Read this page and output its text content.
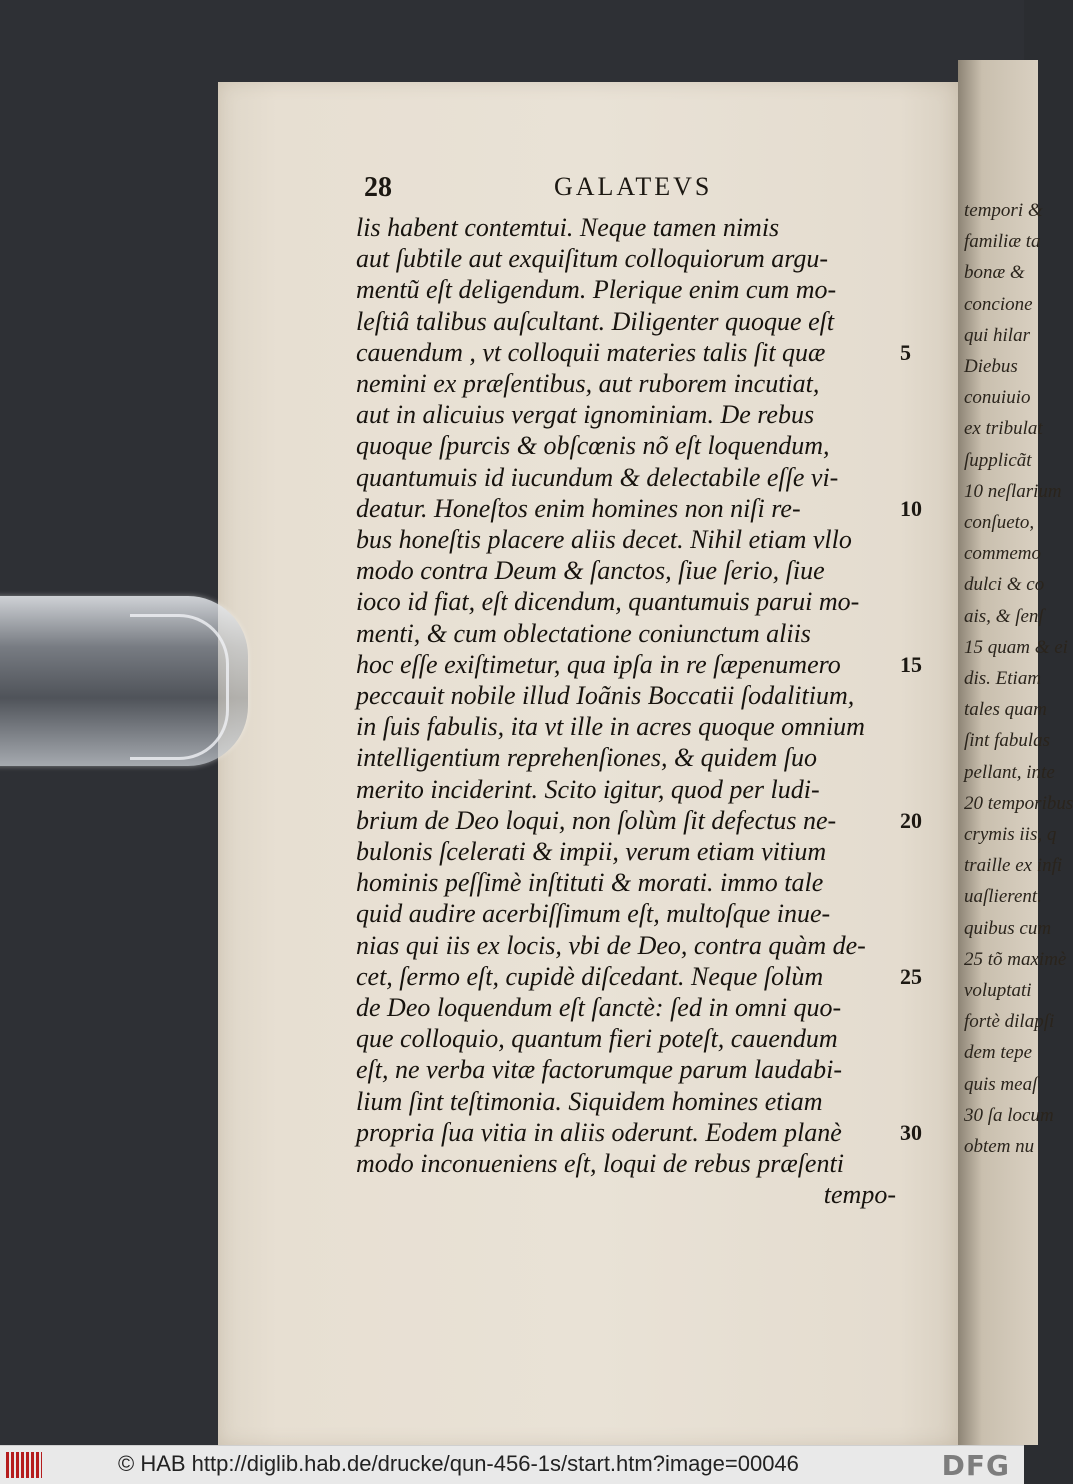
tempori &
familiæ ta
bonæ &
concione
qui hilar
Diebus
conuiuio
ex tribulat
ſupplicãt
10 neſlarium
conſueto,
commemo
dulci & co
ais, & ſenſ
15 quam & ei
dis. Etiam
tales quam
ſint fabulas
pellant, inte
20 temporibus
crymis iis, q
traille ex infi
uaſlierent.
quibus cum
25 tõ maximè
voluptati
fortè dilapſi
dem tepe
quis meaſ
30 ſa locum
obtem nu
28	GALATEVS
lis habent contemtui. Neque tamen nimis
aut ſubtile aut exquiſitum colloquiorum argu-
mentũ eſt deligendum. Plerique enim cum mo-
leſtiâ talibus auſcultant. Diligenter quoque eſt
cauendum , vt colloquii materies talis ſit quæ
nemini ex præſentibus, aut ruborem incutiat,
aut in alicuius vergat ignominiam. De rebus
quoque ſpurcis & obſcœnis nõ eſt loquendum,
quantumuis id iucundum & delectabile eſſe vi-
deatur. Honeſtos enim homines non niſi re-
bus honeſtis placere aliis decet. Nihil etiam vllo
modo contra Deum & ſanctos, ſiue ſerio, ſiue
ioco id fiat, eſt dicendum, quantumuis parui mo-
menti, & cum oblectatione coniunctum aliis
hoc eſſe exiſtimetur, qua ipſa in re ſæpenumero
peccauit nobile illud Ioãnis Boccatii ſodalitium,
in ſuis fabulis, ita vt ille in acres quoque omnium
intelligentium reprehenſiones, & quidem ſuo
merito inciderint. Scito igitur, quod per ludi-
brium de Deo loqui, non ſolùm ſit defectus ne-
bulonis ſcelerati & impii, verum etiam vitium
hominis peſſimè inſtituti & morati. immo tale
quid audire acerbiſſimum eſt, multoſque inue-
nias qui iis ex locis, vbi de Deo, contra quàm de-
cet, ſermo eſt, cupidè diſcedant. Neque ſolùm
de Deo loquendum eſt ſanctè: ſed in omni quo-
que colloquio, quantum fieri poteſt, cauendum
eſt, ne verba vitæ factorumque parum laudabi-
lium ſint teſtimonia. Siquidem homines etiam
propria ſua vitia in aliis oderunt. Eodem planè
modo inconueniens eſt, loqui de rebus præſenti
tempo-
5
10
15
20
25
30
© HAB http://diglib.hab.de/drucke/qun-456-1s/start.htm?image=00046	DFG
